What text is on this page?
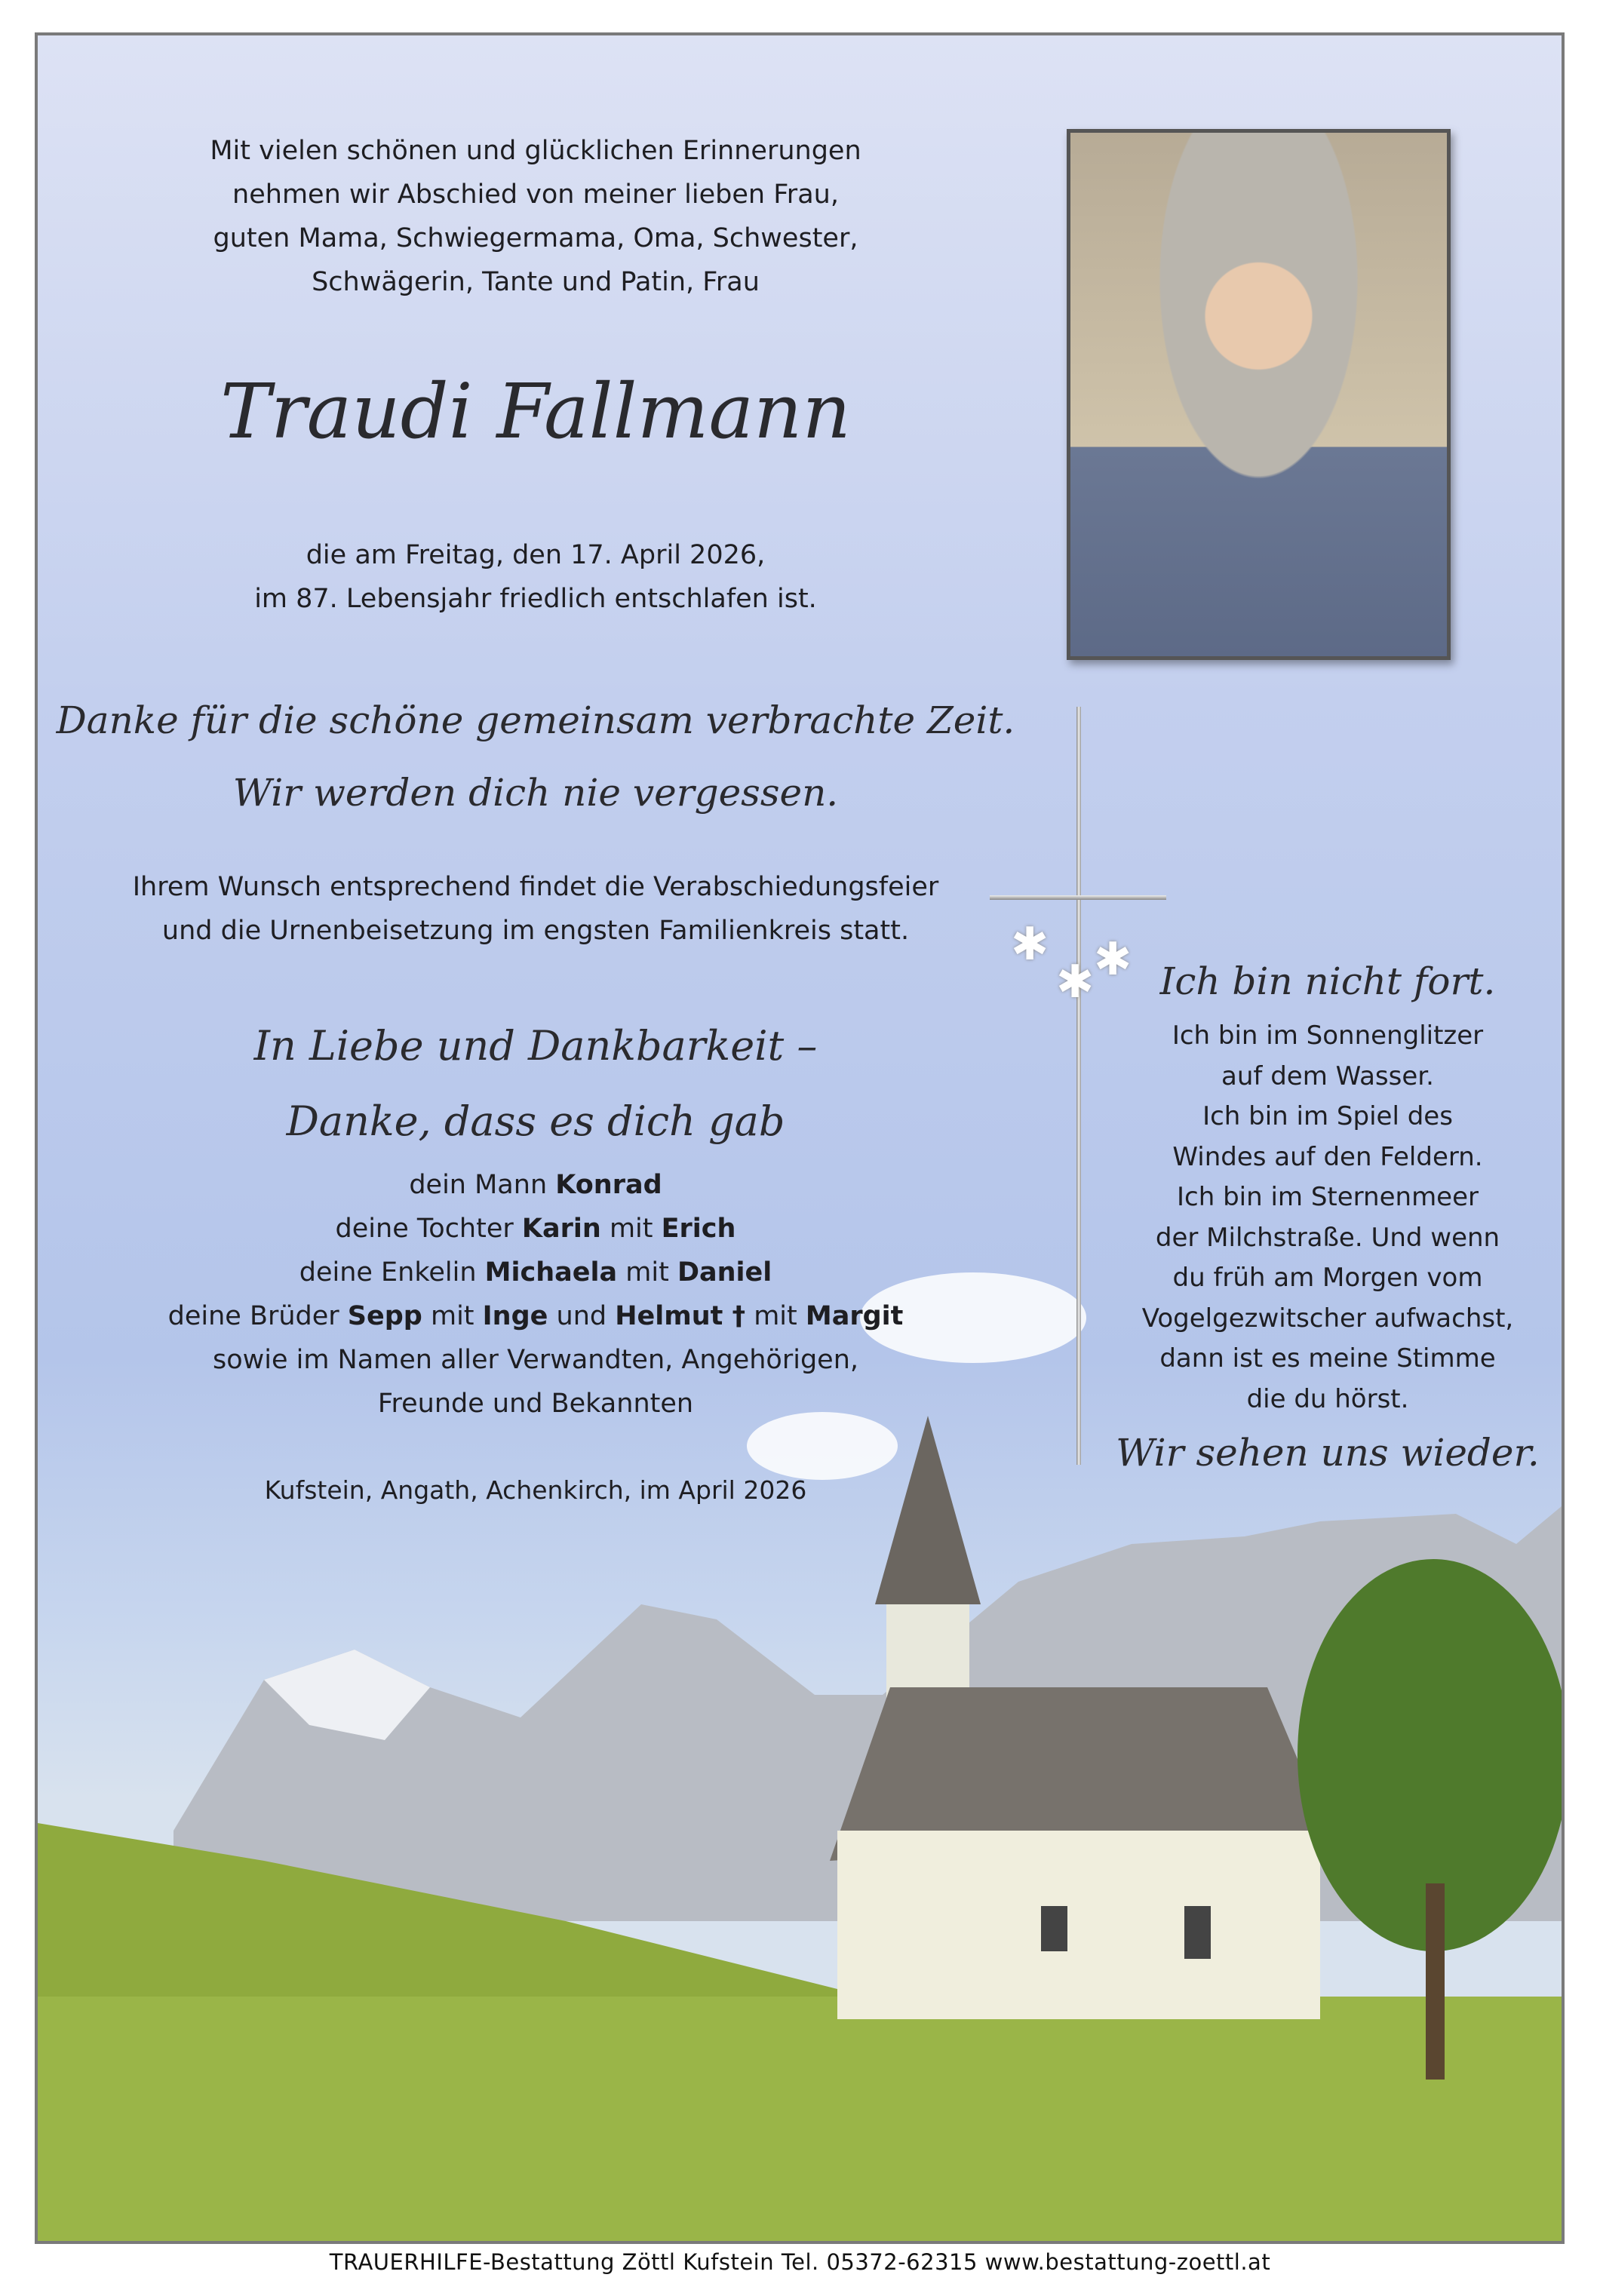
Mit vielen schönen und glücklichen Erinnerungen
nehmen wir Abschied von meiner lieben Frau,
guten Mama, Schwiegermama, Oma, Schwester,
Schwägerin, Tante und Patin, Frau
Traudi Fallmann
die am Freitag, den 17. April 2026,
im 87. Lebensjahr friedlich entschlafen ist.
Danke für die schöne gemeinsam verbrachte Zeit.
Wir werden dich nie vergessen.
Ihrem Wunsch entsprechend findet die Verabschiedungsfeier
und die Urnenbeisetzung im engsten Familienkreis statt.
In Liebe und Dankbarkeit –
Danke, dass es dich gab
dein Mann Konrad
deine Tochter Karin mit Erich
deine Enkelin Michaela mit Daniel
deine Brüder Sepp mit Inge und Helmut † mit Margit
sowie im Namen aller Verwandten, Angehörigen,
Freunde und Bekannten
Kufstein, Angath, Achenkirch, im April 2026
✱
✱ ✱ Ich bin nicht fort.
Ich bin im Sonnenglitzer
auf dem Wasser.
Ich bin im Spiel des
Windes auf den Feldern.
Ich bin im Sternenmeer
der Milchstraße. Und wenn
du früh am Morgen vom
Vogelgezwitscher aufwachst,
dann ist es meine Stimme
die du hörst.
Wir sehen uns wieder.
TRAUERHILFE-Bestattung Zöttl Kufstein Tel. 05372-62315 www.bestattung-zoettl.at
